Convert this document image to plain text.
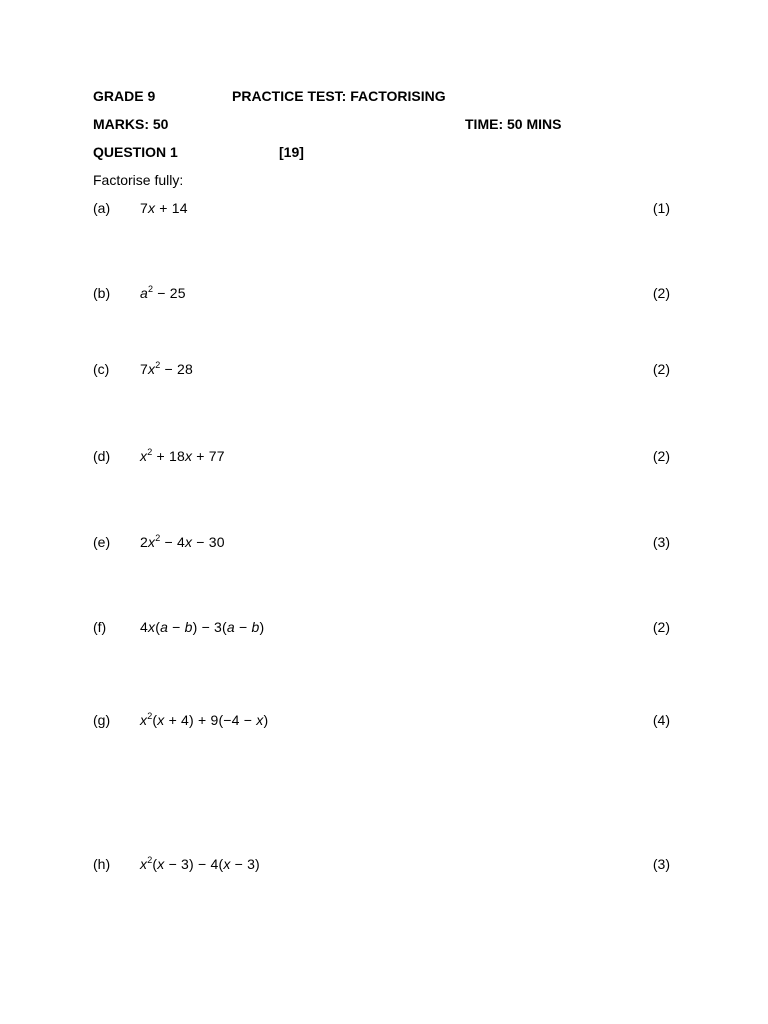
GRADE 9	PRACTICE TEST: FACTORISING
MARKS: 50	TIME: 50 MINS
QUESTION 1	[19]
Factorise fully:
(a) 7x + 14	(1)
(b) $a^2 - 25$	(2)
(c) $7x^2 - 28$	(2)
(d) $x^2 + 18x + 77$	(2)
(e) $2x^2 - 4x - 30$	(3)
(f) 4x(a − b) − 3(a − b)	(2)
(g) $x^2(x + 4) + 9(-4 - x)$	(4)
(h) $x^2(x - 3) - 4(x - 3)$	(3)
